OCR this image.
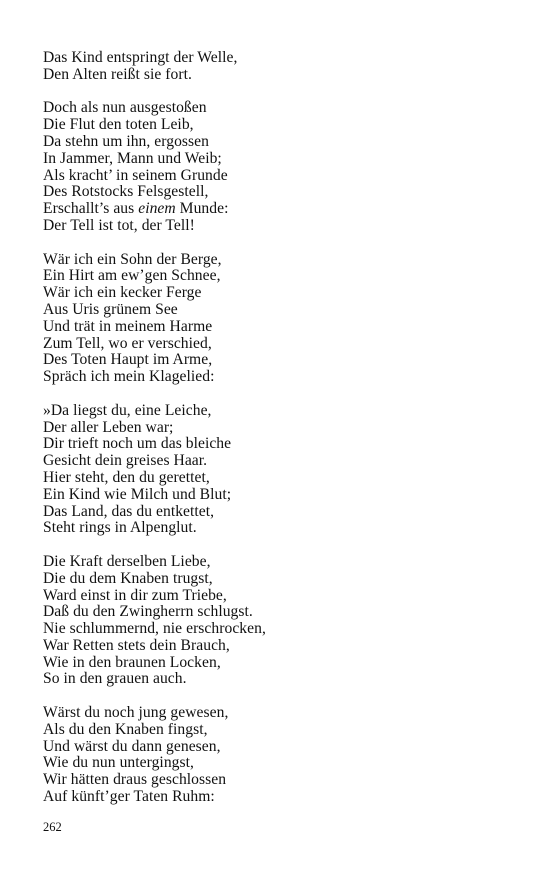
Das Kind entspringt der Welle,
Den Alten reißt sie fort.
Doch als nun ausgestoßen
Die Flut den toten Leib,
Da stehn um ihn, ergossen
In Jammer, Mann und Weib;
Als kracht’ in seinem Grunde
Des Rotstocks Felsgestell,
Erschallt’s aus einem Munde:
Der Tell ist tot, der Tell!
Wär ich ein Sohn der Berge,
Ein Hirt am ew’gen Schnee,
Wär ich ein kecker Ferge
Aus Uris grünem See
Und trät in meinem Harme
Zum Tell, wo er verschied,
Des Toten Haupt im Arme,
Spräch ich mein Klagelied:
»Da liegst du, eine Leiche,
Der aller Leben war;
Dir trieft noch um das bleiche
Gesicht dein greises Haar.
Hier steht, den du gerettet,
Ein Kind wie Milch und Blut;
Das Land, das du entkettet,
Steht rings in Alpenglut.
Die Kraft derselben Liebe,
Die du dem Knaben trugst,
Ward einst in dir zum Triebe,
Daß du den Zwingherrn schlugst.
Nie schlummernd, nie erschrocken,
War Retten stets dein Brauch,
Wie in den braunen Locken,
So in den grauen auch.
Wärst du noch jung gewesen,
Als du den Knaben fingst,
Und wärst du dann genesen,
Wie du nun untergingst,
Wir hätten draus geschlossen
Auf künft’ger Taten Ruhm:
262
